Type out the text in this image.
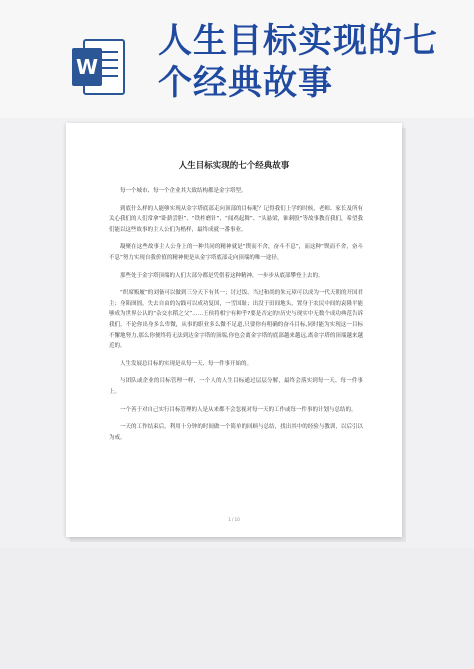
W
人生目标实现的七个经典故事
人生目标实现的七个经典故事

每一个城市、每一个企业其大致结构都是金字塔型。

到底什么样的人能够实现从金字塔底部走向顶部的目标呢？记得我们上学的时候，老师、家长及所有关心我们的人们常拿“卧薪尝胆”、“铁杵磨针”、“闻鸡起舞”、“头悬梁，锥刺股”等故事教育我们，希望我们能以这些故事的主人公们为楷样，最终成就一番事业。

凝聚在这些故事主人公身上的一种共同的精神就是“锲而不舍，奋斗不息”，而这种“锲而不舍，奋斗不息”努力实现自我价值的精神便是从金字塔底部走向顶端的唯一途径。

那些处于金字塔顶端的人们大部分都是凭借着这种精神，一步步从底部攀登上去的。

“织席贩履”的刘备可以做到三分天下有其一；讨过饭、当过和尚的朱元璋可以成为一代天朝的开国君主；身陷囹圄，失去自由的勾践可以成功复国，一雪国耻；出没于田间地头，置身于农民中间的袁隆平能够成为世界公认的“杂交水稻之父”……王侯将相宁有种乎?要是否定的!历史与现实中无数个成功典范告诉我们，不论你出身多么卑微，从事的职业多么微不足道,只要你有明确的奋斗目标,同时能为实现这一目标不懈地努力,那么你便终将无法到达金字塔的顶端,你也会离金字塔的底部越来越远,离金字塔的顶端越来越近的。

人生发展总目标的实现是从每一天、每一件事开始的。

与团队或企业的目标管理一样，一个人的人生目标通过层层分解，最终会落实到每一天、每一件事上。

一个善于对自己实行目标管理的人是从来都不会忽视对每一天的工作或每一件事的计划与总结的。

一天的工作结束后，利用十分钟的时间做一个简单的回顾与总结，找出其中的经验与教训，以后引以为戒。

1 / 10
